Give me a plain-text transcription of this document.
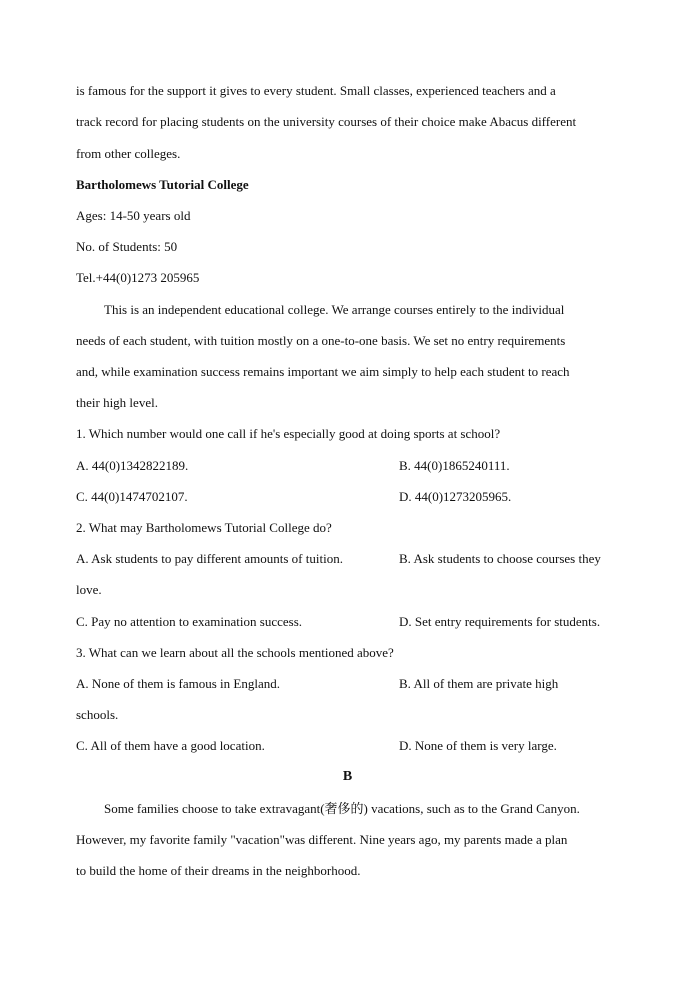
is famous for the support it gives to every student. Small classes, experienced teachers and a
track record for placing students on the university courses of their choice make Abacus different
from other colleges.
Bartholomews Tutorial College
Ages: 14-50 years old
No. of Students: 50
Tel.+44(0)1273 205965
This is an independent educational college. We arrange courses entirely to the individual
needs of each student, with tuition mostly on a one-to-one basis. We set no entry requirements
and, while examination success remains important we aim simply to help each student to reach
their high level.
1. Which number would one call if he's especially good at doing sports at school?
A. 44(0)1342822189.	B. 44(0)1865240111.
C. 44(0)1474702107.	D. 44(0)1273205965.
2. What may Bartholomews Tutorial College do?
A. Ask students to pay different amounts of tuition.	B. Ask students to choose courses they
love.
C. Pay no attention to examination success.	D. Set entry requirements for students.
3. What can we learn about all the schools mentioned above?
A. None of them is famous in England.	B. All of them are private high
schools.
C. All of them have a good location.	D. None of them is very large.
B
Some families choose to take extravagant(奢侈的) vacations, such as to the Grand Canyon.
However, my favorite family "vacation"was different. Nine years ago, my parents made a plan
to build the home of their dreams in the neighborhood.
